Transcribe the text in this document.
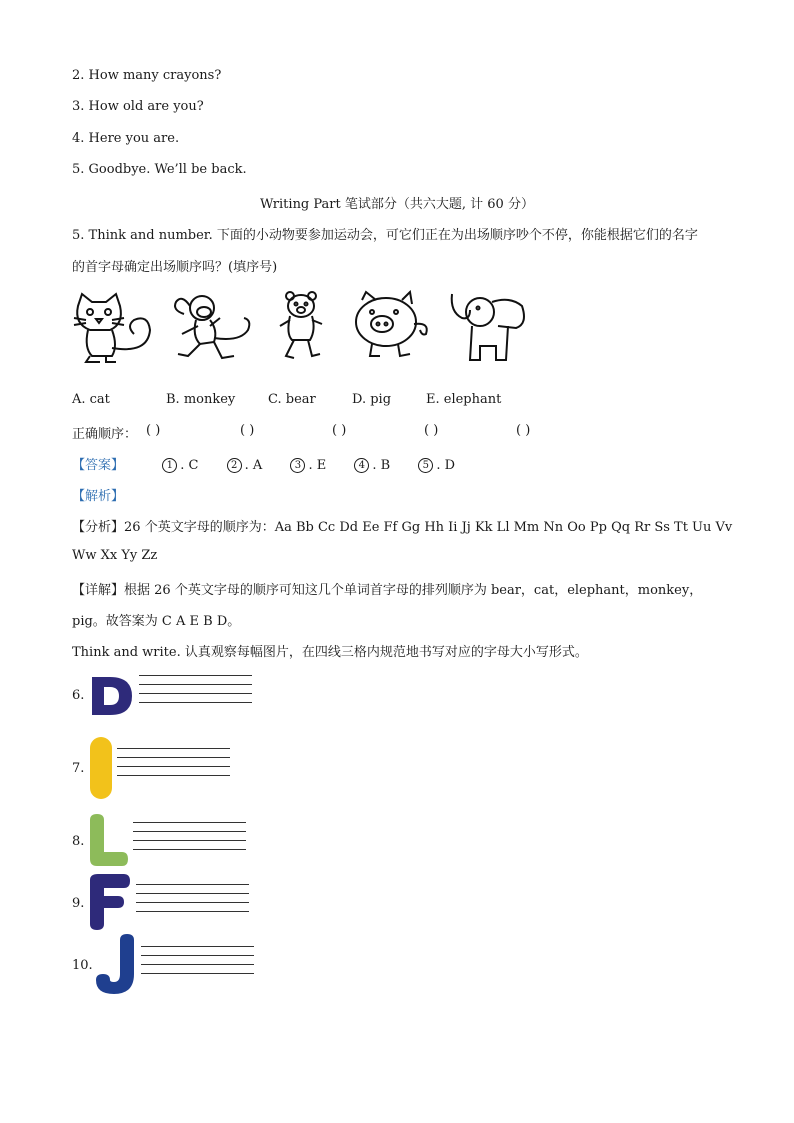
2. How many crayons?
3. How old are you?
4. Here you are.
5. Goodbye. We’ll be back.
Writing Part 笔试部分（共六大题, 计 60 分）
5. Think and number. 下面的小动物要参加运动会，可它们正在为出场顺序吵个不停，你能根据它们的名字
的首字母确定出场顺序吗？(填序号)
A. cat	B. monkey	C. bear	D. pig	E. elephant
正确顺序： ( )	( )	( )	( )	( )
【答案】	1 . C	2 . A	3 . E	4 . B	5 . D
【解析】
【分析】26 个英文字母的顺序为：Aa Bb Cc Dd Ee Ff Gg Hh Ii Jj Kk Ll Mm Nn Oo Pp Qq Rr Ss Tt Uu Vv
Ww Xx Yy Zz
【详解】根据 26 个英文字母的顺序可知这几个单词首字母的排列顺序为 bear，cat，elephant，monkey，
pig。故答案为 C A E B D。
Think and write. 认真观察每幅图片，在四线三格内规范地书写对应的字母大小写形式。
6.
7.
8.
9.
10.
